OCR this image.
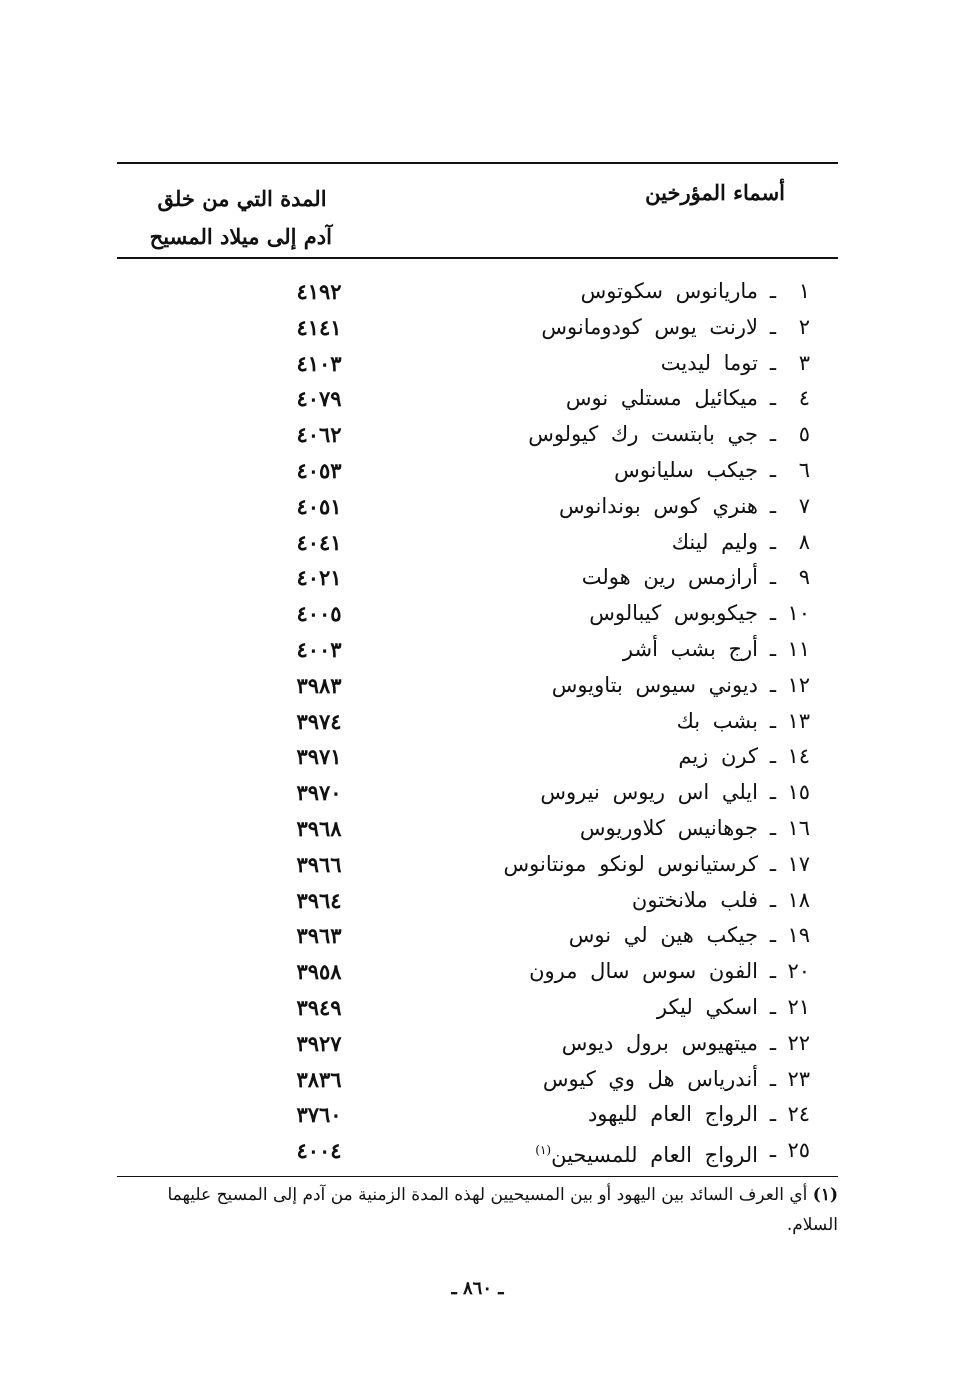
أسماء المؤرخين
المدة التي من خلق
آدم إلى ميلاد المسيح
١
ـ
ماريانوس سكوتوس
٤١٩٢
٢
ـ
لارنت يوس كودومانوس
٤١٤١
٣
ـ
توما ليديت
٤١٠٣
٤
ـ
ميكائيل مستلي نوس
٤٠٧٩
٥
ـ
جي بابتست رك كيولوس
٤٠٦٢
٦
ـ
جيكب سليانوس
٤٠٥٣
٧
ـ
هنري كوس بوندانوس
٤٠٥١
٨
ـ
وليم لينك
٤٠٤١
٩
ـ
أرازمس رين هولت
٤٠٢١
١٠
ـ
جيكوبوس كيبالوس
٤٠٠٥
١١
ـ
أرج بشب أشر
٤٠٠٣
١٢
ـ
ديوني سيوس بتاويوس
٣٩٨٣
١٣
ـ
بشب بك
٣٩٧٤
١٤
ـ
كرن زيم
٣٩٧١
١٥
ـ
ايلي اس ريوس نيروس
٣٩٧٠
١٦
ـ
جوهانيس كلاوريوس
٣٩٦٨
١٧
ـ
كرستيانوس لونكو مونتانوس
٣٩٦٦
١٨
ـ
فلب ملانختون
٣٩٦٤
١٩
ـ
جيكب هين لي نوس
٣٩٦٣
٢٠
ـ
الفون سوس سال مرون
٣٩٥٨
٢١
ـ
اسكي ليكر
٣٩٤٩
٢٢
ـ
ميتهيوس برول ديوس
٣٩٢٧
٢٣
ـ
أندرياس هل وي كيوس
٣٨٣٦
٢٤
ـ
الرواج العام لليهود
٣٧٦٠
٢٥
ـ
الرواج العام للمسيحين$^{(١)}$
٤٠٠٤
(١) أي العرف السائد بين اليهود أو بين المسيحيين لهذه المدة الزمنية من آدم إلى المسيح عليهما السلام.
ـ ٨٦٠ ـ
